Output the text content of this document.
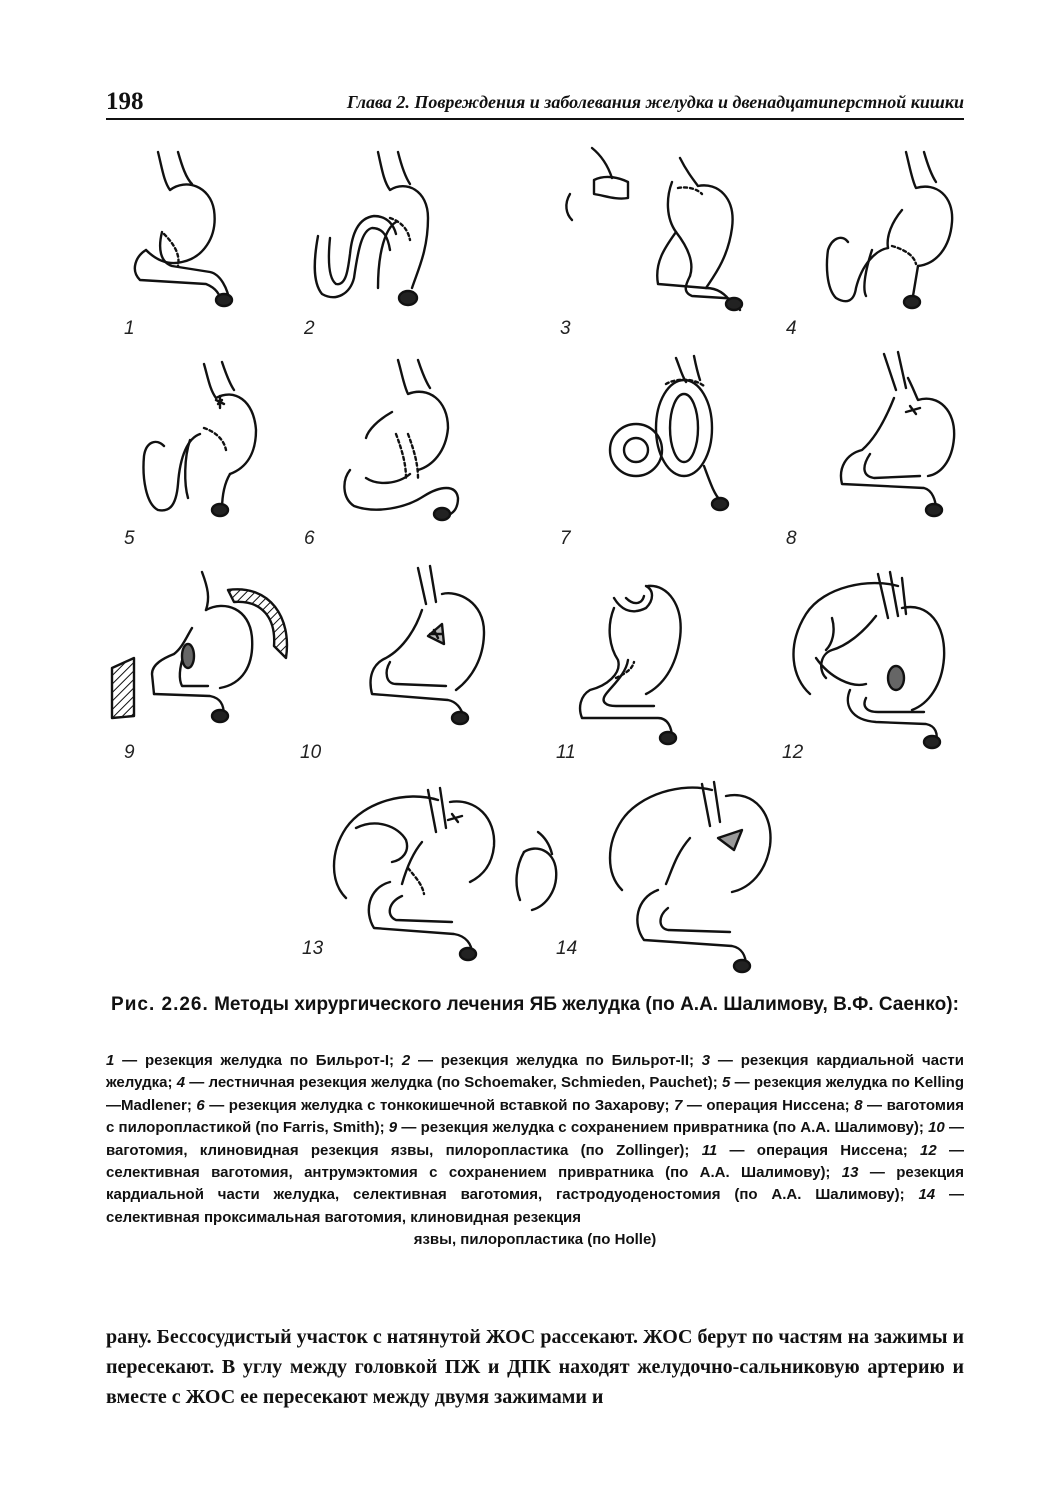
198	Глава 2. Повреждения и заболевания желудка и двенадцатиперстной кишки
1	2	3	4
5	6	7	8
9	10	11	12
13	14
Рис. 2.26. Методы хирургического лечения ЯБ желудка (по А.А. Шалимову, В.Ф. Саенко):
1 — резекция желудка по Бильрот-I; 2 — резекция желудка по Бильрот-II; 3 — резекция кардиальной части желудка; 4 — лестничная резекция желудка (по Schoemaker, Schmieden, Pauchet); 5 — резекция желудка по Kelling—Madlener; 6 — резекция желудка с тонкокишечной вставкой по Захарову; 7 — операция Ниссена; 8 — ваготомия с пилоропластикой (по Farris, Smith); 9 — резекция желудка с сохранением привратника (по А.А. Шалимову); 10 — ваготомия, клиновидная резекция язвы, пилоропластика (по Zollinger); 11 — операция Ниссена; 12 — селективная ваготомия, антрумэктомия с сохранением привратника (по А.А. Шалимову); 13 — резекция кардиальной части желудка, селективная ваготомия, гастродуоденостомия (по А.А. Шалимову); 14 — селективная проксимальная ваготомия, клиновидная резекция
язвы, пилоропластика (по Holle)
рану. Бессосудистый участок с натянутой ЖОС рассекают. ЖОС берут по частям на зажимы и пересекают. В углу между головкой ПЖ и ДПК находят желудочно-сальниковую артерию и вместе с ЖОС ее пересекают между двумя зажимами и
